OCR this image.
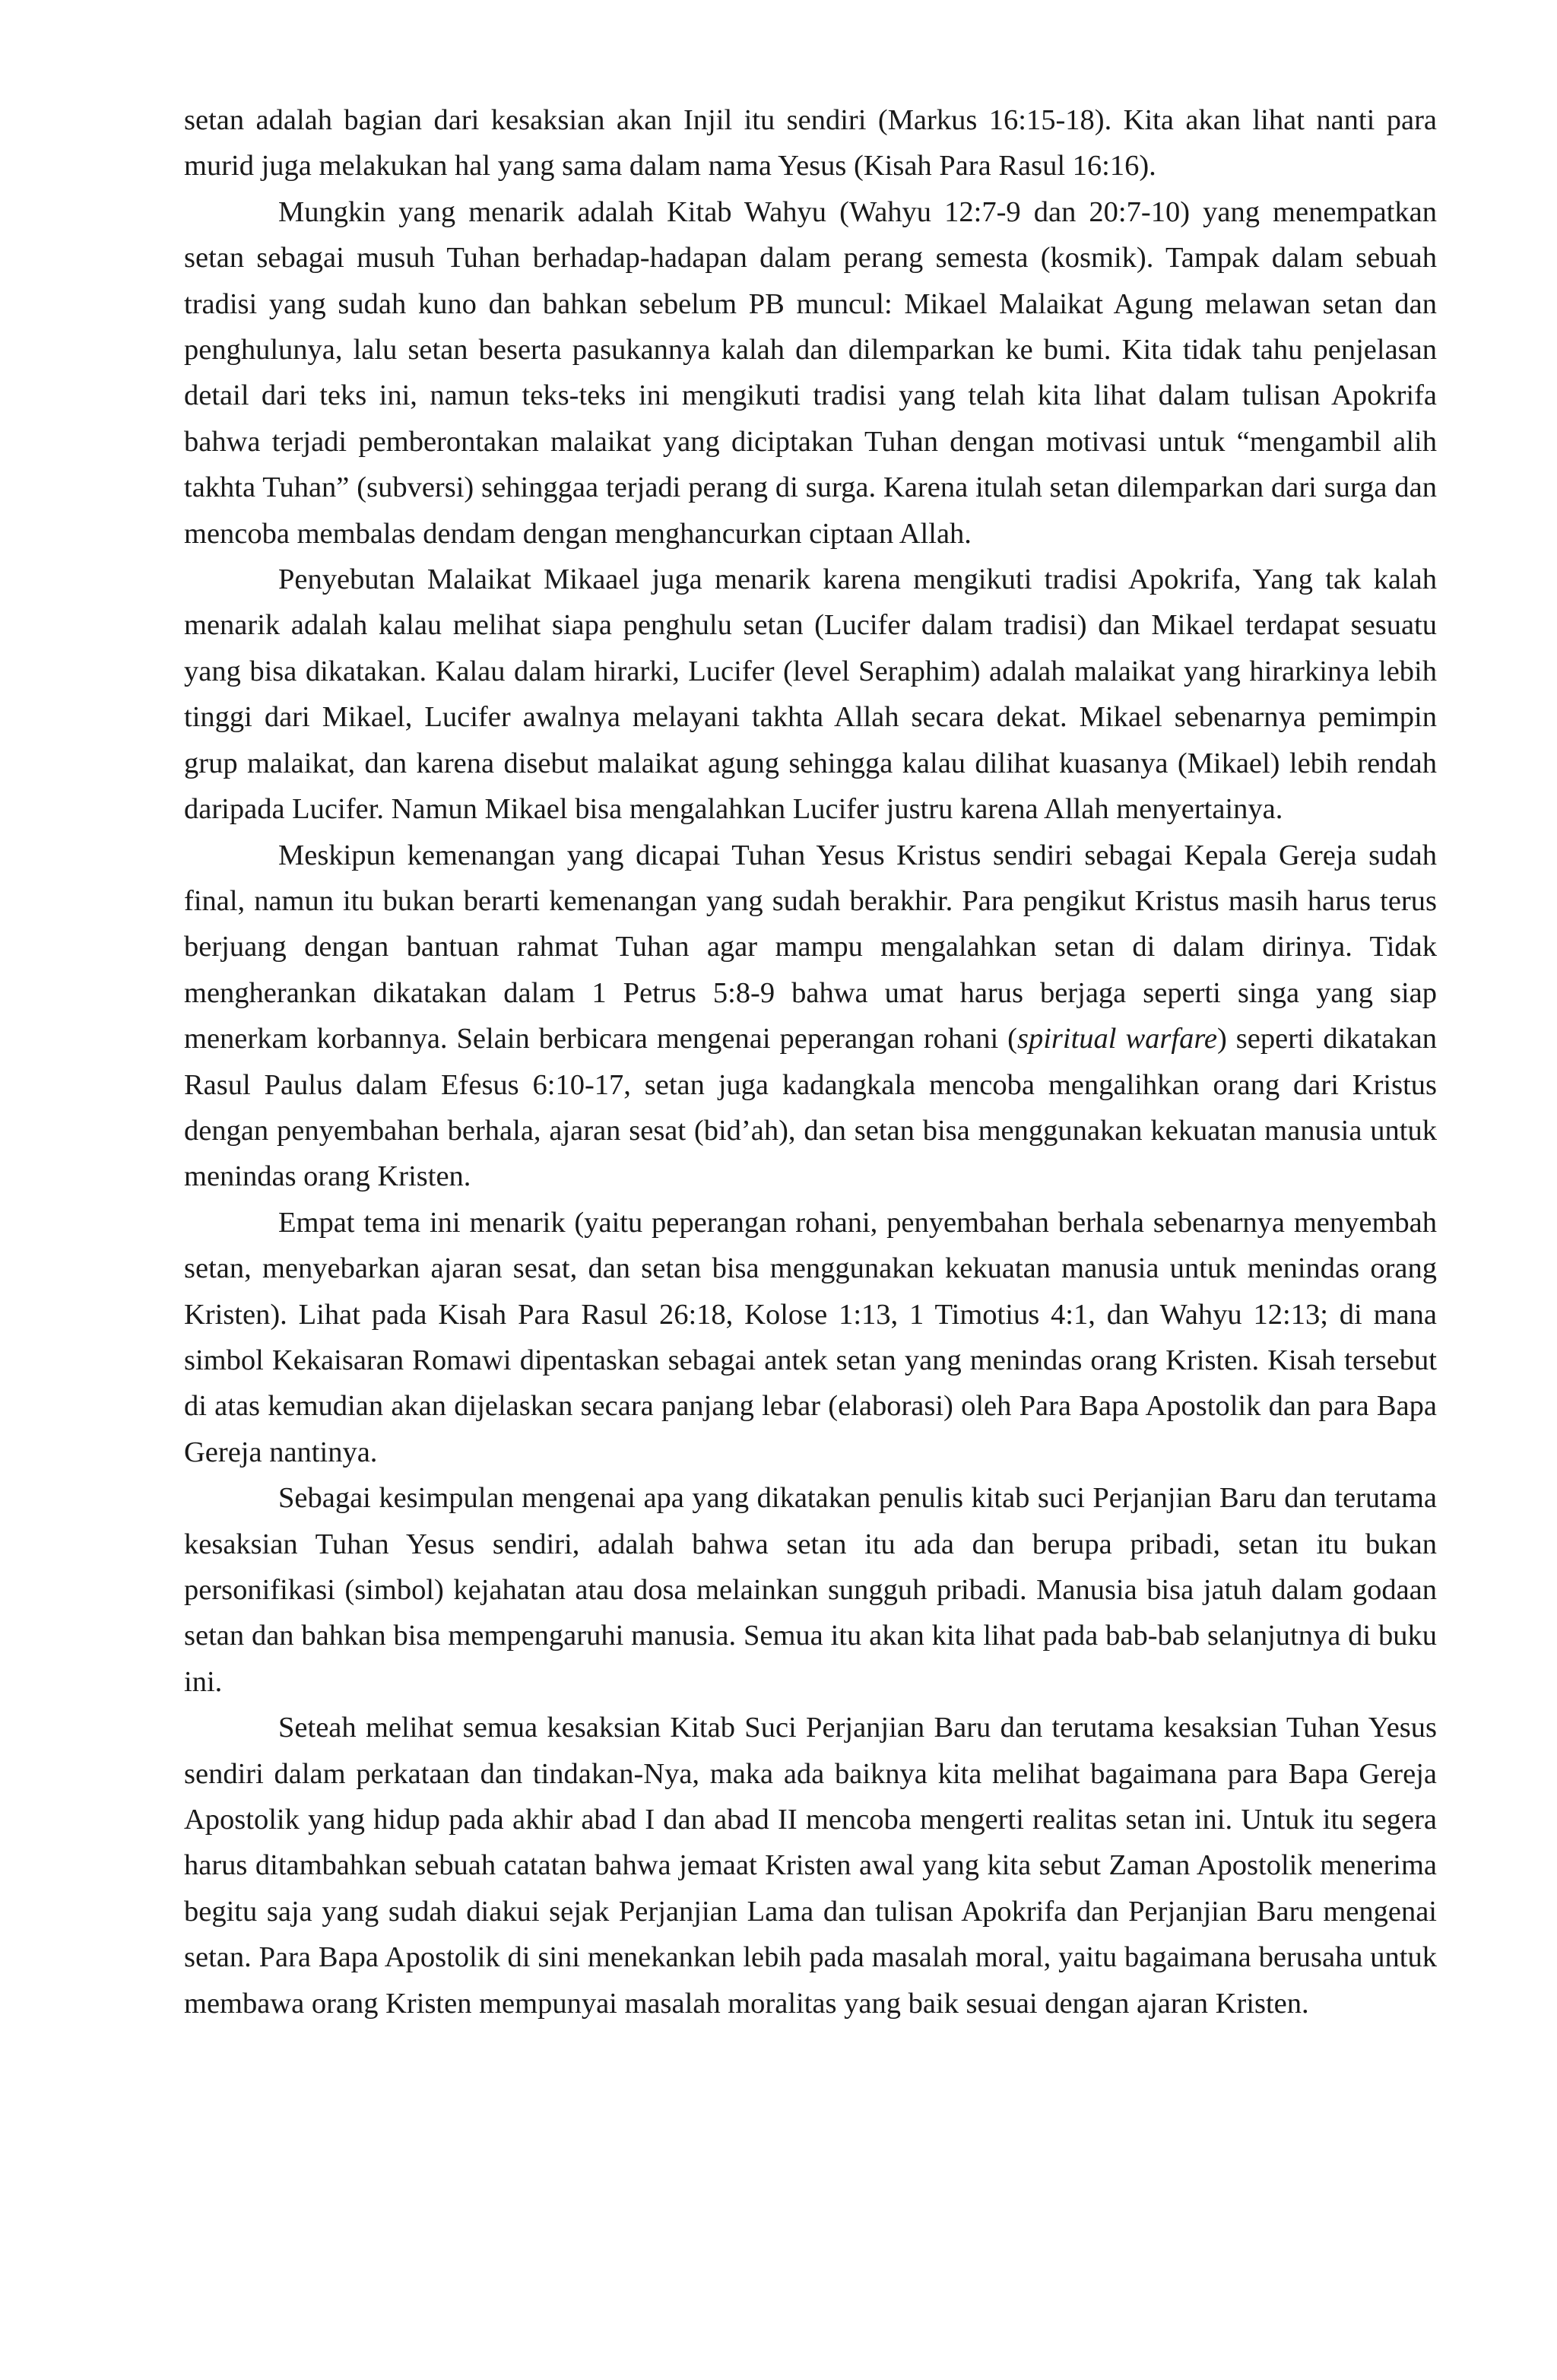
setan adalah bagian dari kesaksian akan Injil itu sendiri (Markus 16:15-18). Kita akan lihat nanti para murid juga melakukan hal yang sama dalam nama Yesus (Kisah Para Rasul 16:16).

Mungkin yang menarik adalah Kitab Wahyu (Wahyu 12:7-9 dan 20:7-10) yang menempatkan setan sebagai musuh Tuhan berhadap-hadapan dalam perang semesta (kosmik). Tampak dalam sebuah tradisi yang sudah kuno dan bahkan sebelum PB muncul: Mikael Malaikat Agung melawan setan dan penghulunya, lalu setan beserta pasukannya kalah dan dilemparkan ke bumi. Kita tidak tahu penjelasan detail dari teks ini, namun teks-teks ini mengikuti tradisi yang telah kita lihat dalam tulisan Apokrifa bahwa terjadi pemberontakan malaikat yang diciptakan Tuhan dengan motivasi untuk “mengambil alih takhta Tuhan” (subversi) sehinggaa terjadi perang di surga. Karena itulah setan dilemparkan dari surga dan mencoba membalas dendam dengan menghancurkan ciptaan Allah.

Penyebutan Malaikat Mikaael juga menarik karena mengikuti tradisi Apokrifa, Yang tak kalah menarik adalah kalau melihat siapa penghulu setan (Lucifer dalam tradisi) dan Mikael terdapat sesuatu yang bisa dikatakan. Kalau dalam hirarki, Lucifer (level Seraphim) adalah malaikat yang hirarkinya lebih tinggi dari Mikael, Lucifer awalnya melayani takhta Allah secara dekat. Mikael sebenarnya pemimpin grup malaikat, dan karena disebut malaikat agung sehingga kalau dilihat kuasanya (Mikael) lebih rendah daripada Lucifer. Namun Mikael bisa mengalahkan Lucifer justru karena Allah menyertainya.

Meskipun kemenangan yang dicapai Tuhan Yesus Kristus sendiri sebagai Kepala Gereja sudah final, namun itu bukan berarti kemenangan yang sudah berakhir. Para pengikut Kristus masih harus terus berjuang dengan bantuan rahmat Tuhan agar mampu mengalahkan setan di dalam dirinya. Tidak mengherankan dikatakan dalam 1 Petrus 5:8-9 bahwa umat harus berjaga seperti singa yang siap menerkam korbannya. Selain berbicara mengenai peperangan rohani (spiritual warfare) seperti dikatakan Rasul Paulus dalam Efesus 6:10-17, setan juga kadangkala mencoba mengalihkan orang dari Kristus dengan penyembahan berhala, ajaran sesat (bid’ah), dan setan bisa menggunakan kekuatan manusia untuk menindas orang Kristen.

Empat tema ini menarik (yaitu peperangan rohani, penyembahan berhala sebenarnya menyembah setan, menyebarkan ajaran sesat, dan setan bisa menggunakan kekuatan manusia untuk menindas orang Kristen). Lihat pada Kisah Para Rasul 26:18, Kolose 1:13, 1 Timotius 4:1, dan Wahyu 12:13; di mana simbol Kekaisaran Romawi dipentaskan sebagai antek setan yang menindas orang Kristen. Kisah tersebut di atas kemudian akan dijelaskan secara panjang lebar (elaborasi) oleh Para Bapa Apostolik dan para Bapa Gereja nantinya.

Sebagai kesimpulan mengenai apa yang dikatakan penulis kitab suci Perjanjian Baru dan terutama kesaksian Tuhan Yesus sendiri, adalah bahwa setan itu ada dan berupa pribadi, setan itu bukan personifikasi (simbol) kejahatan atau dosa melainkan sungguh pribadi. Manusia bisa jatuh dalam godaan setan dan bahkan bisa mempengaruhi manusia. Semua itu akan kita lihat pada bab-bab selanjutnya di buku ini.

Seteah melihat semua kesaksian Kitab Suci Perjanjian Baru dan terutama kesaksian Tuhan Yesus sendiri dalam perkataan dan tindakan-Nya, maka ada baiknya kita melihat bagaimana para Bapa Gereja Apostolik yang hidup pada akhir abad I dan abad II mencoba mengerti realitas setan ini. Untuk itu segera harus ditambahkan sebuah catatan bahwa jemaat Kristen awal yang kita sebut Zaman Apostolik menerima begitu saja yang sudah diakui sejak Perjanjian Lama dan tulisan Apokrifa dan Perjanjian Baru mengenai setan. Para Bapa Apostolik di sini menekankan lebih pada masalah moral, yaitu bagaimana berusaha untuk membawa orang Kristen mempunyai masalah moralitas yang baik sesuai dengan ajaran Kristen.
